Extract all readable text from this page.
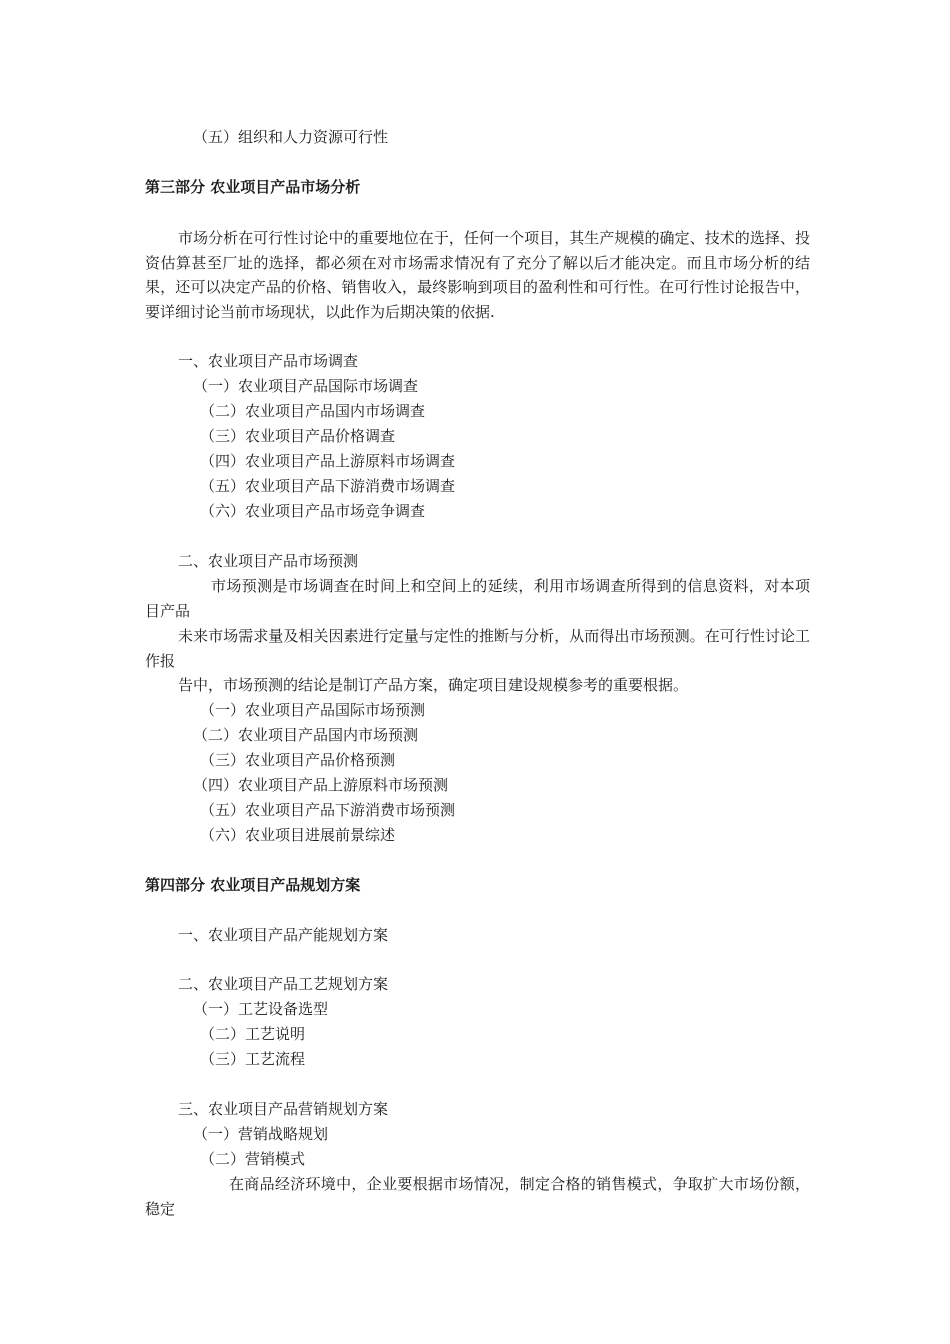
（五）组织和人力资源可行性
第三部分 农业项目产品市场分析
市场分析在可行性讨论中的重要地位在于，任何一个项目，其生产规模的确定、技术的选择、投资估算甚至厂址的选择，都必须在对市场需求情况有了充分了解以后才能决定。而且市场分析的结果，还可以决定产品的价格、销售收入，最终影响到项目的盈利性和可行性。在可行性讨论报告中，要详细讨论当前市场现状，以此作为后期决策的依据.
一、农业项目产品市场调查
（一）农业项目产品国际市场调查
（二）农业项目产品国内市场调查
（三）农业项目产品价格调查
（四）农业项目产品上游原料市场调查
（五）农业项目产品下游消费市场调查
（六）农业项目产品市场竞争调查
二、农业项目产品市场预测
市场预测是市场调查在时间上和空间上的延续，利用市场调查所得到的信息资料，对本项目产品
未来市场需求量及相关因素进行定量与定性的推断与分析，从而得出市场预测。在可行性讨论工作报
告中，市场预测的结论是制订产品方案，确定项目建设规模参考的重要根据。
（一）农业项目产品国际市场预测
（二）农业项目产品国内市场预测
（三）农业项目产品价格预测
（四）农业项目产品上游原料市场预测
（五）农业项目产品下游消费市场预测
（六）农业项目进展前景综述
第四部分 农业项目产品规划方案
一、农业项目产品产能规划方案
二、农业项目产品工艺规划方案
（一）工艺设备选型
（二）工艺说明
（三）工艺流程
三、农业项目产品营销规划方案
（一）营销战略规划
（二）营销模式
在商品经济环境中，企业要根据市场情况，制定合格的销售模式，争取扩大市场份额，稳定
